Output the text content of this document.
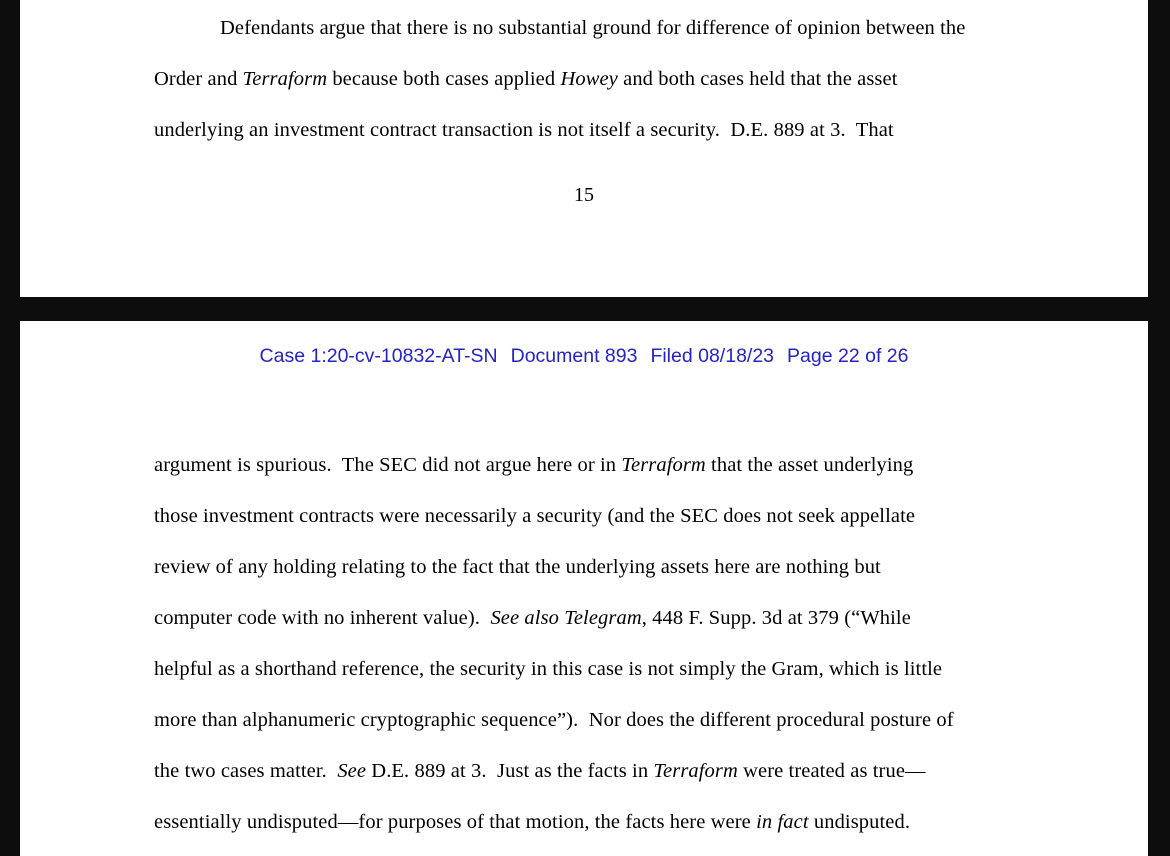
Defendants argue that there is no substantial ground for difference of opinion between the
Order and Terraform because both cases applied Howey and both cases held that the asset
underlying an investment contract transaction is not itself a security.  D.E. 889 at 3.  That
15
Case 1:20-cv-10832-AT-SN Document 893 Filed 08/18/23 Page 22 of 26
argument is spurious.  The SEC did not argue here or in Terraform that the asset underlying
those investment contracts were necessarily a security (and the SEC does not seek appellate
review of any holding relating to the fact that the underlying assets here are nothing but
computer code with no inherent value).  See also Telegram, 448 F. Supp. 3d at 379 (“While
helpful as a shorthand reference, the security in this case is not simply the Gram, which is little
more than alphanumeric cryptographic sequence”).  Nor does the different procedural posture of
the two cases matter.  See D.E. 889 at 3.  Just as the facts in Terraform were treated as true—
essentially undisputed—for purposes of that motion, the facts here were in fact undisputed.
